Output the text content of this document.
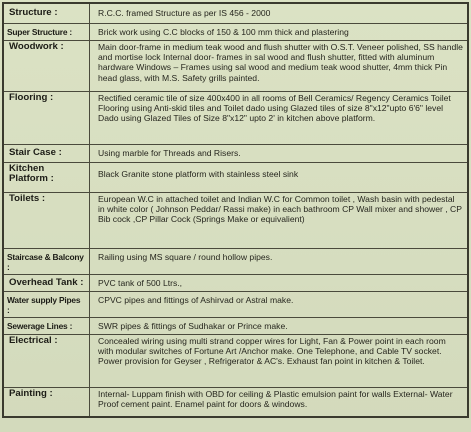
Structure :	R.C.C. framed Structure as per IS 456 - 2000
Super Structure :	Brick work using C.C blocks of 150 & 100 mm thick and plastering
Woodwork :	Main door-frame in medium teak wood and flush shutter with O.S.T. Veneer polished, SS handle and mortise lock Internal door- frames in sal wood and flush shutter, fitted with aluminum hardware Windows – Frames using sal wood and medium teak wood shutter, 4mm thick Pin head glass, with M.S. Safety grills painted.
Flooring :	Rectified ceramic tile of size 400x400 in all rooms of Bell Ceramics/ Regency Ceramics Toilet Flooring using Anti-skid tiles and Toilet dado using Glazed tiles of size 8"x12"upto 6'6" level Dado using Glazed Tiles of Size 8"x12" upto 2' in kitchen above platform.
Stair Case :	Using marble for Threads and Risers.
Kitchen Platform :	Black Granite stone platform with stainless steel sink
Toilets :	European W.C in attached toilet and Indian W.C for Common toilet , Wash basin with pedestal in white color ( Johnson Peddar/ Rassi make) in each bathroom CP Wall mixer and shower , CP Bib cock ,CP Pillar Cock (Springs Make or equivalient)
Staircase & Balcony :	Railing using MS square / round hollow pipes.
Overhead Tank :	PVC tank of 500 Ltrs.,
Water supply Pipes :	CPVC pipes and fittings of Ashirvad or Astral make.
Sewerage Lines :	SWR pipes & fittings of Sudhakar or Prince make.
Electrical :	Concealed wiring using multi strand copper wires for Light, Fan & Power point in each room with modular switches of Fortune Art /Anchor make. One Telephone, and Cable TV socket. Power provision for Geyser , Refrigerator & AC's. Exhaust fan point in kitchen & Toilet.
Painting :	Internal- Luppam finish with OBD for ceiling & Plastic emulsion paint for walls External- Water Proof cement paint. Enamel paint for doors & windows.
